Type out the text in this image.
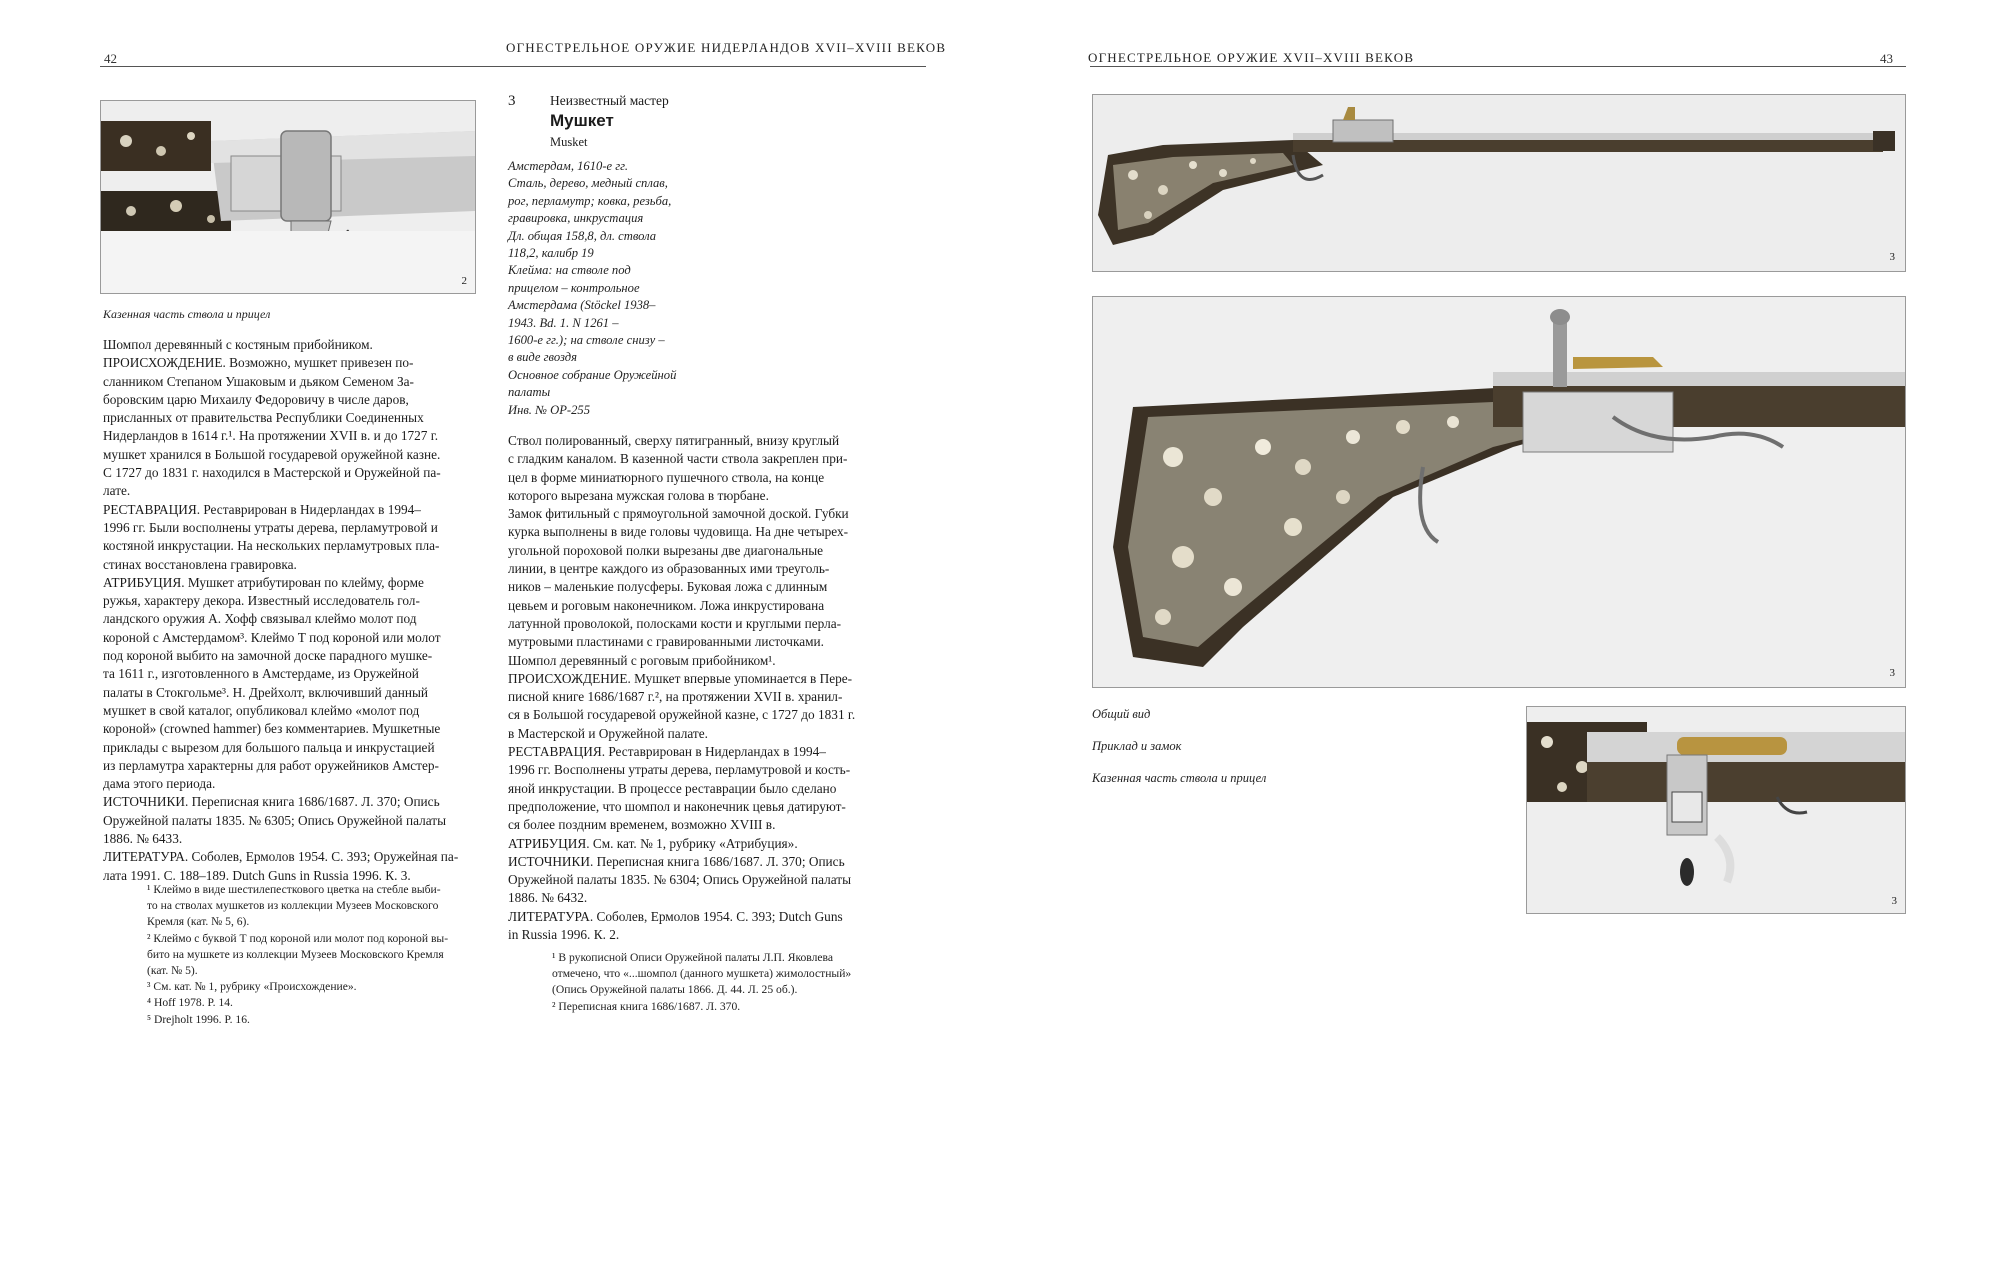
42
ОГНЕСТРЕЛЬНОЕ ОРУЖИЕ НИДЕРЛАНДОВ XVII–XVIII ВЕКОВ
ОГНЕСТРЕЛЬНОЕ ОРУЖИЕ XVII–XVIII ВЕКОВ	43
2
Казенная часть ствола и прицел

Шомпол деревянный с костяным прибойником.

ПРОИСХОЖДЕНИЕ. Возможно, мушкет привезен по-

сланником Степаном Ушаковым и дьяком Семеном За-

боровским царю Михаилу Федоровичу в числе даров,

присланных от правительства Республики Соединенных

Нидерландов в 1614 г.¹. На протяжении XVII в. и до 1727 г.

мушкет хранился в Большой государевой оружейной казне.

С 1727 до 1831 г. находился в Мастерской и Оружейной па-

лате.

РЕСТАВРАЦИЯ. Реставрирован в Нидерландах в 1994–

1996 гг. Были восполнены утраты дерева, перламутровой и

костяной инкрустации. На нескольких перламутровых пла-

стинах восстановлена гравировка.

АТРИБУЦИЯ. Мушкет атрибутирован по клейму, форме

ружья, характеру декора. Известный исследователь гол-

ландского оружия А. Хофф связывал клеймо молот под

короной с Амстердамом³. Клеймо Т под короной или молот

под короной выбито на замочной доске парадного мушке-

та 1611 г., изготовленного в Амстердаме, из Оружейной

палаты в Стокгольме³. Н. Дрейхолт, включивший данный

мушкет в свой каталог, опубликовал клеймо «молот под

короной» (crowned hammer) без комментариев. Мушкетные

приклады с вырезом для большого пальца и инкрустацией

из перламутра характерны для работ оружейников Амстер-

дама этого периода.

ИСТОЧНИКИ. Переписная книга 1686/1687. Л. 370; Опись

Оружейной палаты 1835. № 6305; Опись Оружейной палаты

1886. № 6433.

ЛИТЕРАТУРА. Соболев, Ермолов 1954. С. 393; Оружейная па-

лата 1991. С. 188–189. Dutch Guns in Russia 1996. К. 3.

¹ Клеймо в виде шестилепесткового цветка на стебле выби-

то на стволах мушкетов из коллекции Музеев Московского

Кремля (кат. № 5, 6).

² Клеймо с буквой Т под короной или молот под короной вы-

бито на мушкете из коллекции Музеев Московского Кремля

(кат. № 5).

³ См. кат. № 1, рубрику «Происхождение».

⁴ Hoff 1978. P. 14.

⁵ Drejholt 1996. P. 16.

3	Неизвестный мастер
Мушкет
Musket

Амстердам, 1610-е гг.

Сталь, дерево, медный сплав,

рог, перламутр; ковка, резьба,

гравировка, инкрустация

Дл. общая 158,8, дл. ствола

118,2, калибр 19

Клейма: на стволе под

прицелом – контрольное

Амстердама (Stöckel 1938–

1943. Bd. 1. N 1261 –

1600-е гг.); на стволе снизу –

в виде гвоздя

Основное собрание Оружейной

палаты

Инв. № ОР-255

Ствол полированный, сверху пятигранный, внизу круглый

с гладким каналом. В казенной части ствола закреплен при-

цел в форме миниатюрного пушечного ствола, на конце

которого вырезана мужская голова в тюрбане.

Замок фитильный с прямоугольной замочной доской. Губки

курка выполнены в виде головы чудовища. На дне четырех-

угольной пороховой полки вырезаны две диагональные

линии, в центре каждого из образованных ими треуголь-

ников – маленькие полусферы. Буковая ложа с длинным

цевьем и роговым наконечником. Ложа инкрустирована

латунной проволокой, полосками кости и круглыми перла-

мутровыми пластинами с гравированными листочками.

Шомпол деревянный с роговым прибойником¹.

ПРОИСХОЖДЕНИЕ. Мушкет впервые упоминается в Пере-

писной книге 1686/1687 г.², на протяжении XVII в. хранил-

ся в Большой государевой оружейной казне, с 1727 до 1831 г.

в Мастерской и Оружейной палате.

РЕСТАВРАЦИЯ. Реставрирован в Нидерландах в 1994–

1996 гг. Восполнены утраты дерева, перламутровой и кость-

яной инкрустации. В процессе реставрации было сделано

предположение, что шомпол и наконечник цевья датируют-

ся более поздним временем, возможно XVIII в.

АТРИБУЦИЯ. См. кат. № 1, рубрику «Атрибуция».

ИСТОЧНИКИ. Переписная книга 1686/1687. Л. 370; Опись

Оружейной палаты 1835. № 6304; Опись Оружейной палаты

1886. № 6432.

ЛИТЕРАТУРА. Соболев, Ермолов 1954. С. 393; Dutch Guns

in Russia 1996. К. 2.

¹ В рукописной Описи Оружейной палаты Л.П. Яковлева

отмечено, что «...шомпол (данного мушкета) жимолостный»

(Опись Оружейной палаты 1866. Д. 44. Л. 25 об.).

² Переписная книга 1686/1687. Л. 370.

3
3
Общий вид
Приклад и замок
Казенная часть ствола и прицел
3
